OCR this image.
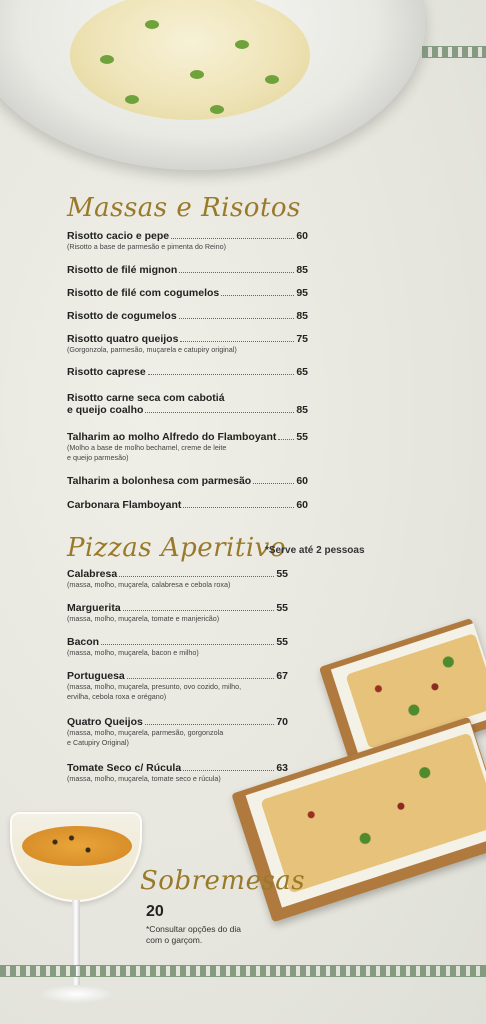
Massas e Risotos
Risotto cacio e pepe	60
(Risotto a base de parmesão e pimenta do Reino)
Risotto de filé mignon	85
Risotto de filé com cogumelos	95
Risotto de cogumelos	85
Risotto quatro queijos	75
(Gorgonzola, parmesão, muçarela e catupiry original)
Risotto caprese	65
Risotto carne seca com cabotiá
e queijo coalho	85
Talharim ao molho Alfredo do Flamboyant 55
(Molho a base de molho bechamel, creme de leite
e queijo parmesão)
Talharim a bolonhesa com parmesão	60
Carbonara Flamboyant	60
Pizzas Aperitivo
*Serve até 2 pessoas
Calabresa	55
(massa, molho, muçarela, calabresa e cebola roxa)
Marguerita	55
(massa, molho, muçarela, tomate e manjericão)
Bacon	55
(massa, molho, muçarela, bacon e milho)
Portuguesa	67
(massa, molho, muçarela, presunto, ovo cozido, milho,
ervilha, cebola roxa e orégano)
Quatro Queijos	70
(massa, molho, muçarela, parmesão, gorgonzola
e Catupiry Original)
Tomate Seco c/ Rúcula	63
(massa, molho, muçarela, tomate seco e rúcula)
Sobremesas
20
*Consultar opções do dia
com o garçom.
